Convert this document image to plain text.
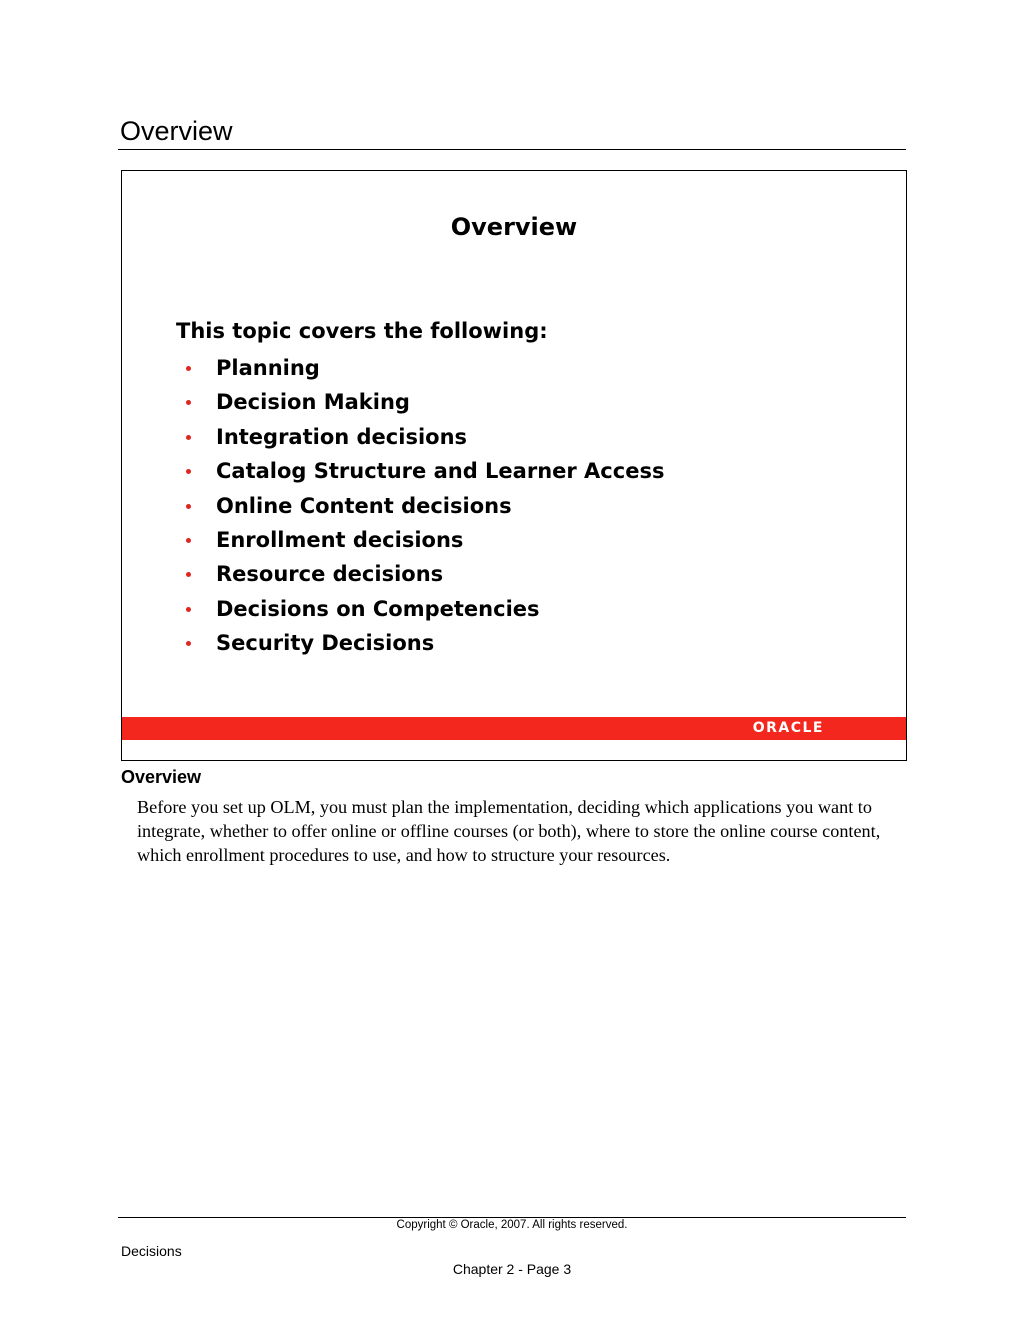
Overview
Overview

This topic covers the following:

Planning
Decision Making
Integration decisions
Catalog Structure and Learner Access
Online Content decisions
Enrollment decisions
Resource decisions
Decisions on Competencies
Security Decisions
ORACLE
Overview

Before you set up OLM, you must plan the implementation, deciding which applications you want to integrate, whether to offer online or offline courses (or both), where to store the online course content, which enrollment procedures to use, and how to structure your resources.

Copyright © Oracle, 2007. All rights reserved.
Decisions
Chapter 2 - Page 3
